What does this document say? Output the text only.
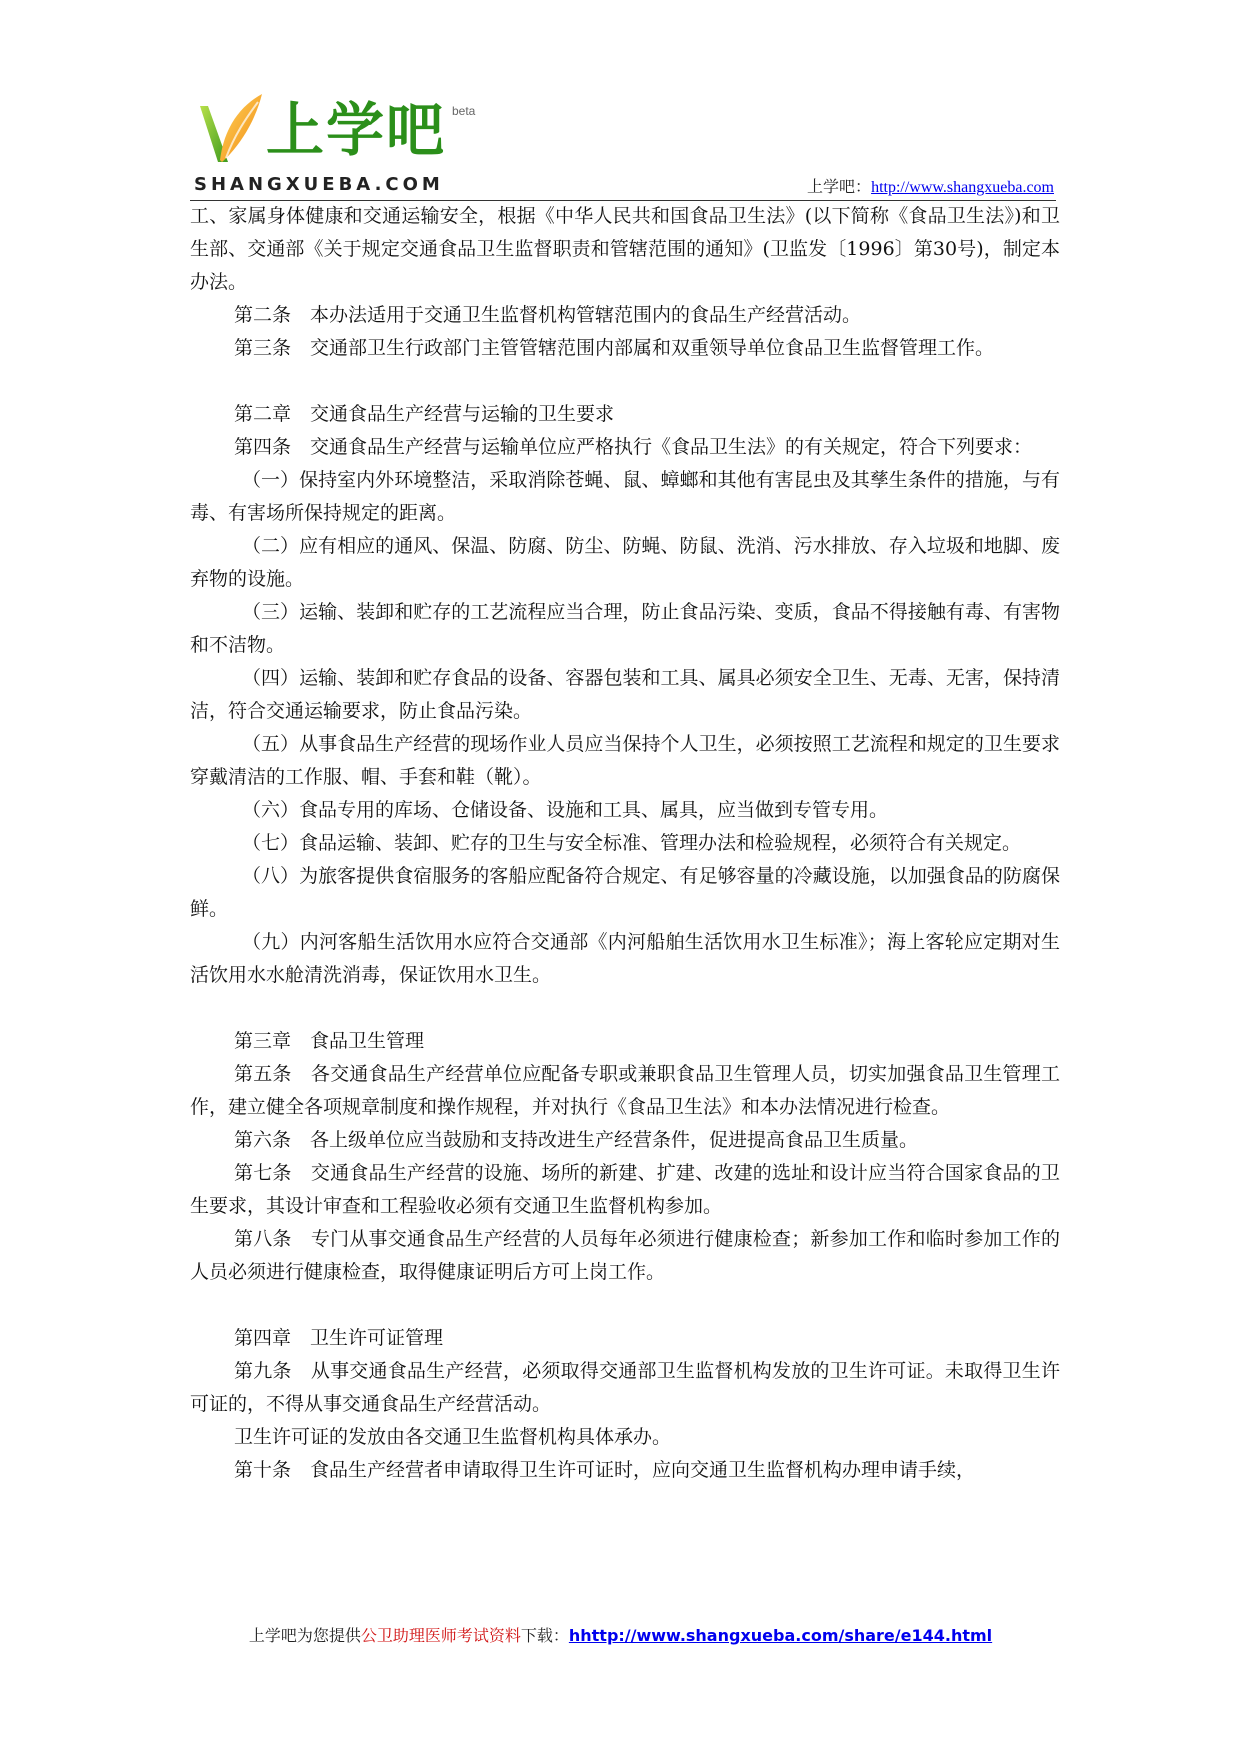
上学吧 beta
SHANGXUEBA.COM	上学吧：http://www.shangxueba.com

工、家属身体健康和交通运输安全，根据《中华人民共和国食品卫生法》(以下简称《食品卫生法》)和卫生部、交通部《关于规定交通食品卫生监督职责和管辖范围的通知》(卫监发〔1996〕第30号)，制定本办法。

第二条　本办法适用于交通卫生监督机构管辖范围内的食品生产经营活动。

第三条　交通部卫生行政部门主管管辖范围内部属和双重领导单位食品卫生监督管理工作。

第二章　交通食品生产经营与运输的卫生要求

第四条　交通食品生产经营与运输单位应严格执行《食品卫生法》的有关规定，符合下列要求：

（一）保持室内外环境整洁，采取消除苍蝇、鼠、蟑螂和其他有害昆虫及其孳生条件的措施，与有毒、有害场所保持规定的距离。

（二）应有相应的通风、保温、防腐、防尘、防蝇、防鼠、洗消、污水排放、存入垃圾和地脚、废弃物的设施。

（三）运输、装卸和贮存的工艺流程应当合理，防止食品污染、变质，食品不得接触有毒、有害物和不洁物。

（四）运输、装卸和贮存食品的设备、容器包装和工具、属具必须安全卫生、无毒、无害，保持清洁，符合交通运输要求，防止食品污染。

（五）从事食品生产经营的现场作业人员应当保持个人卫生，必须按照工艺流程和规定的卫生要求穿戴清洁的工作服、帽、手套和鞋（靴）。

（六）食品专用的库场、仓储设备、设施和工具、属具，应当做到专管专用。

（七）食品运输、装卸、贮存的卫生与安全标准、管理办法和检验规程，必须符合有关规定。

（八）为旅客提供食宿服务的客船应配备符合规定、有足够容量的冷藏设施，以加强食品的防腐保鲜。

（九）内河客船生活饮用水应符合交通部《内河船舶生活饮用水卫生标准》；海上客轮应定期对生活饮用水水舱清洗消毒，保证饮用水卫生。

第三章　食品卫生管理

第五条　各交通食品生产经营单位应配备专职或兼职食品卫生管理人员，切实加强食品卫生管理工作，建立健全各项规章制度和操作规程，并对执行《食品卫生法》和本办法情况进行检查。

第六条　各上级单位应当鼓励和支持改进生产经营条件，促进提高食品卫生质量。

第七条　交通食品生产经营的设施、场所的新建、扩建、改建的选址和设计应当符合国家食品的卫生要求，其设计审查和工程验收必须有交通卫生监督机构参加。

第八条　专门从事交通食品生产经营的人员每年必须进行健康检查；新参加工作和临时参加工作的人员必须进行健康检查，取得健康证明后方可上岗工作。

第四章　卫生许可证管理

第九条　从事交通食品生产经营，必须取得交通部卫生监督机构发放的卫生许可证。未取得卫生许可证的，不得从事交通食品生产经营活动。

卫生许可证的发放由各交通卫生监督机构具体承办。

第十条　食品生产经营者申请取得卫生许可证时，应向交通卫生监督机构办理申请手续，

上学吧为您提供公卫助理医师考试资料下载：hhttp://www.shangxueba.com/share/e144.html
